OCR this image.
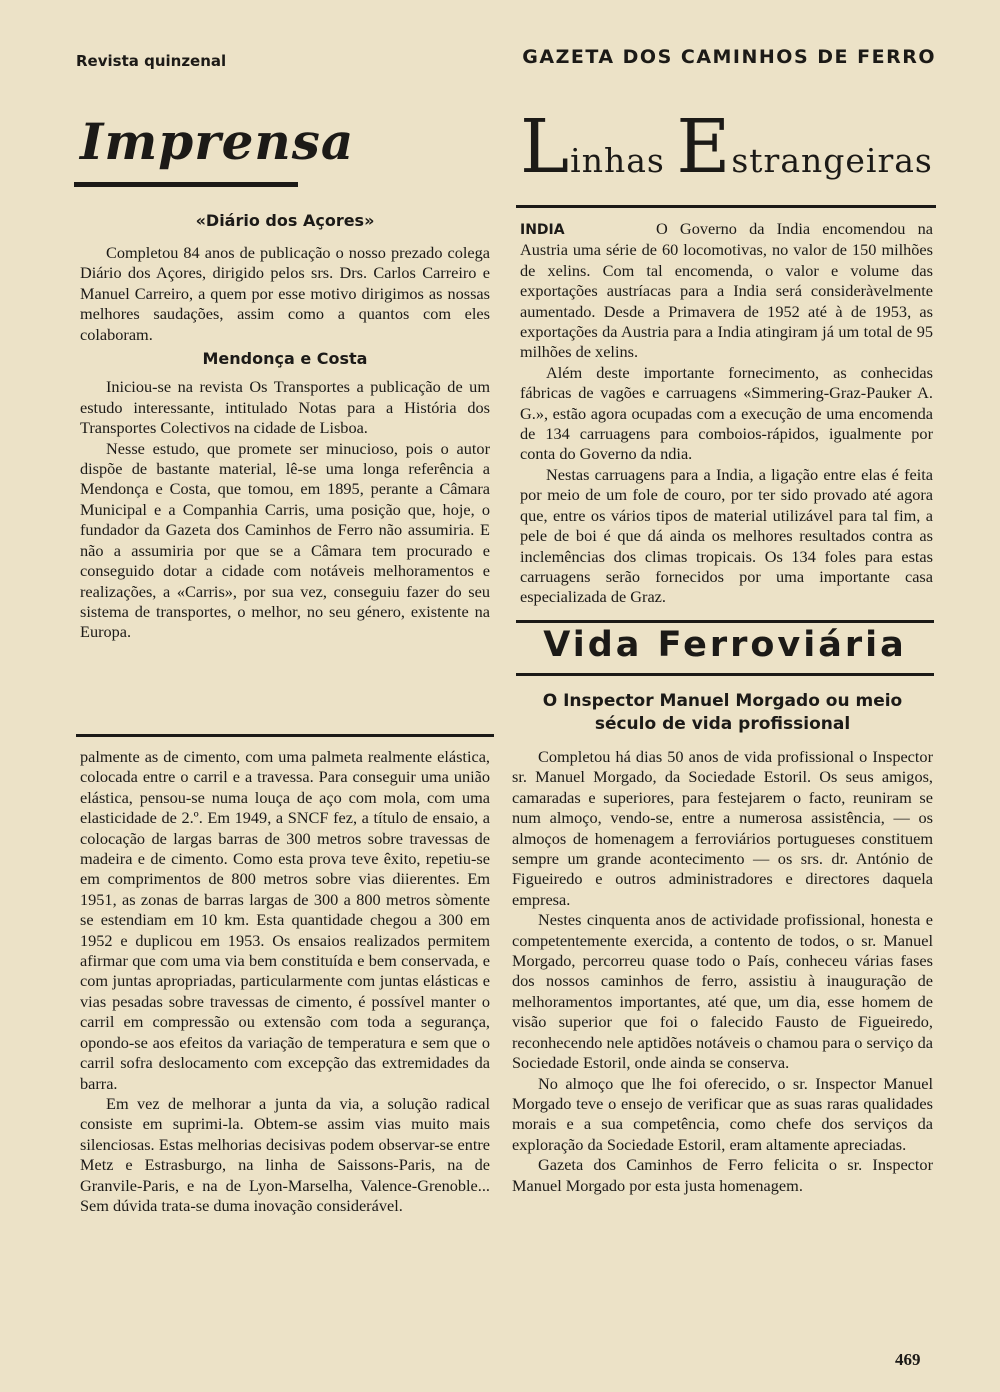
Revista quinzenal	GAZETA DOS CAMINHOS DE FERRO
Imprensa
«Diário dos Açores»

Completou 84 anos de publicação o nosso prezado colega Diário dos Açores, dirigido pelos srs. Drs. Carlos Carreiro e Manuel Carreiro, a quem por esse motivo dirigimos as nossas melhores saudações, assim como a quantos com eles colaboram.

Mendonça e Costa

Iniciou-se na revista Os Transportes a publicação de um estudo interessante, intitulado Notas para a História dos Transportes Colectivos na cidade de Lisboa.

Nesse estudo, que promete ser minucioso, pois o autor dispõe de bastante material, lê-se uma longa referência a Mendonça e Costa, que tomou, em 1895, perante a Câmara Municipal e a Companhia Carris, uma posição que, hoje, o fundador da Gazeta dos Caminhos de Ferro não assumiria. E não a assumiria por que se a Câmara tem procurado e conseguido dotar a cidade com notáveis melhoramentos e realizações, a «Carris», por sua vez, conseguiu fazer do seu sistema de transportes, o melhor, no seu género, existente na Europa.

palmente as de cimento, com uma palmeta realmente elástica, colocada entre o carril e a travessa. Para conseguir uma união elástica, pensou-se numa louça de aço com mola, com uma elasticidade de 2.º. Em 1949, a SNCF fez, a título de ensaio, a colocação de largas barras de 300 metros sobre travessas de madeira e de cimento. Como esta prova teve êxito, repetiu-se em comprimentos de 800 metros sobre vias diierentes. Em 1951, as zonas de barras largas de 300 a 800 metros sòmente se estendiam em 10 km. Esta quantidade chegou a 300 em 1952 e duplicou em 1953. Os ensaios realizados permitem afirmar que com uma via bem constituída e bem conservada, e com juntas apropriadas, particularmente com juntas elásticas e vias pesadas sobre travessas de cimento, é possível manter o carril em compressão ou extensão com toda a segurança, opondo-se aos efeitos da variação de temperatura e sem que o carril sofra deslocamento com excepção das extremidades da barra.

Em vez de melhorar a junta da via, a solução radical consiste em suprimi-la. Obtem-se assim vias muito mais silenciosas. Estas melhorias decisivas podem observar-se entre Metz e Estrasburgo, na linha de Saissons-Paris, na de Granvile-Paris, e na de Lyon-Marselha, Valence-Grenoble... Sem dúvida trata-se duma inovação considerável.

Linhas Estrangeiras

INDIA	O Governo da India encomendou na Austria uma série de 60 locomotivas, no valor de 150 milhões de xelins. Com tal encomenda, o valor e volume das exportações austríacas para a India será consideràvelmente aumentado. Desde a Primavera de 1952 até à de 1953, as exportações da Austria para a India atingiram já um total de 95 milhões de xelins.

Além deste importante fornecimento, as conhecidas fábricas de vagões e carruagens «Simmering-Graz-Pauker A. G.», estão agora ocupadas com a execução de uma encomenda de 134 carruagens para comboios-rápidos, igualmente por conta do Governo da ndia.

Nestas carruagens para a India, a ligação entre elas é feita por meio de um fole de couro, por ter sido provado até agora que, entre os vários tipos de material utilizável para tal fim, a pele de boi é que dá ainda os melhores resultados contra as inclemências dos climas tropicais. Os 134 foles para estas carruagens serão fornecidos por uma importante casa especializada de Graz.

Vida Ferroviária
O Inspector Manuel Morgado ou meio século de vida profissional

Completou há dias 50 anos de vida profissional o Inspector sr. Manuel Morgado, da Sociedade Estoril. Os seus amigos, camaradas e superiores, para festejarem o facto, reuniram se num almoço, vendo-se, entre a numerosa assistência, — os almoços de homenagem a ferroviários portugueses constituem sempre um grande acontecimento — os srs. dr. António de Figueiredo e outros administradores e directores daquela empresa.

Nestes cinquenta anos de actividade profissional, honesta e competentemente exercida, a contento de todos, o sr. Manuel Morgado, percorreu quase todo o País, conheceu várias fases dos nossos caminhos de ferro, assistiu à inauguração de melhoramentos importantes, até que, um dia, esse homem de visão superior que foi o falecido Fausto de Figueiredo, reconhecendo nele aptidões notáveis o chamou para o serviço da Sociedade Estoril, onde ainda se conserva.

No almoço que lhe foi oferecido, o sr. Inspector Manuel Morgado teve o ensejo de verificar que as suas raras qualidades morais e a sua competência, como chefe dos serviços da exploração da Sociedade Estoril, eram altamente apreciadas.

Gazeta dos Caminhos de Ferro felicita o sr. Inspector Manuel Morgado por esta justa homenagem.

469
